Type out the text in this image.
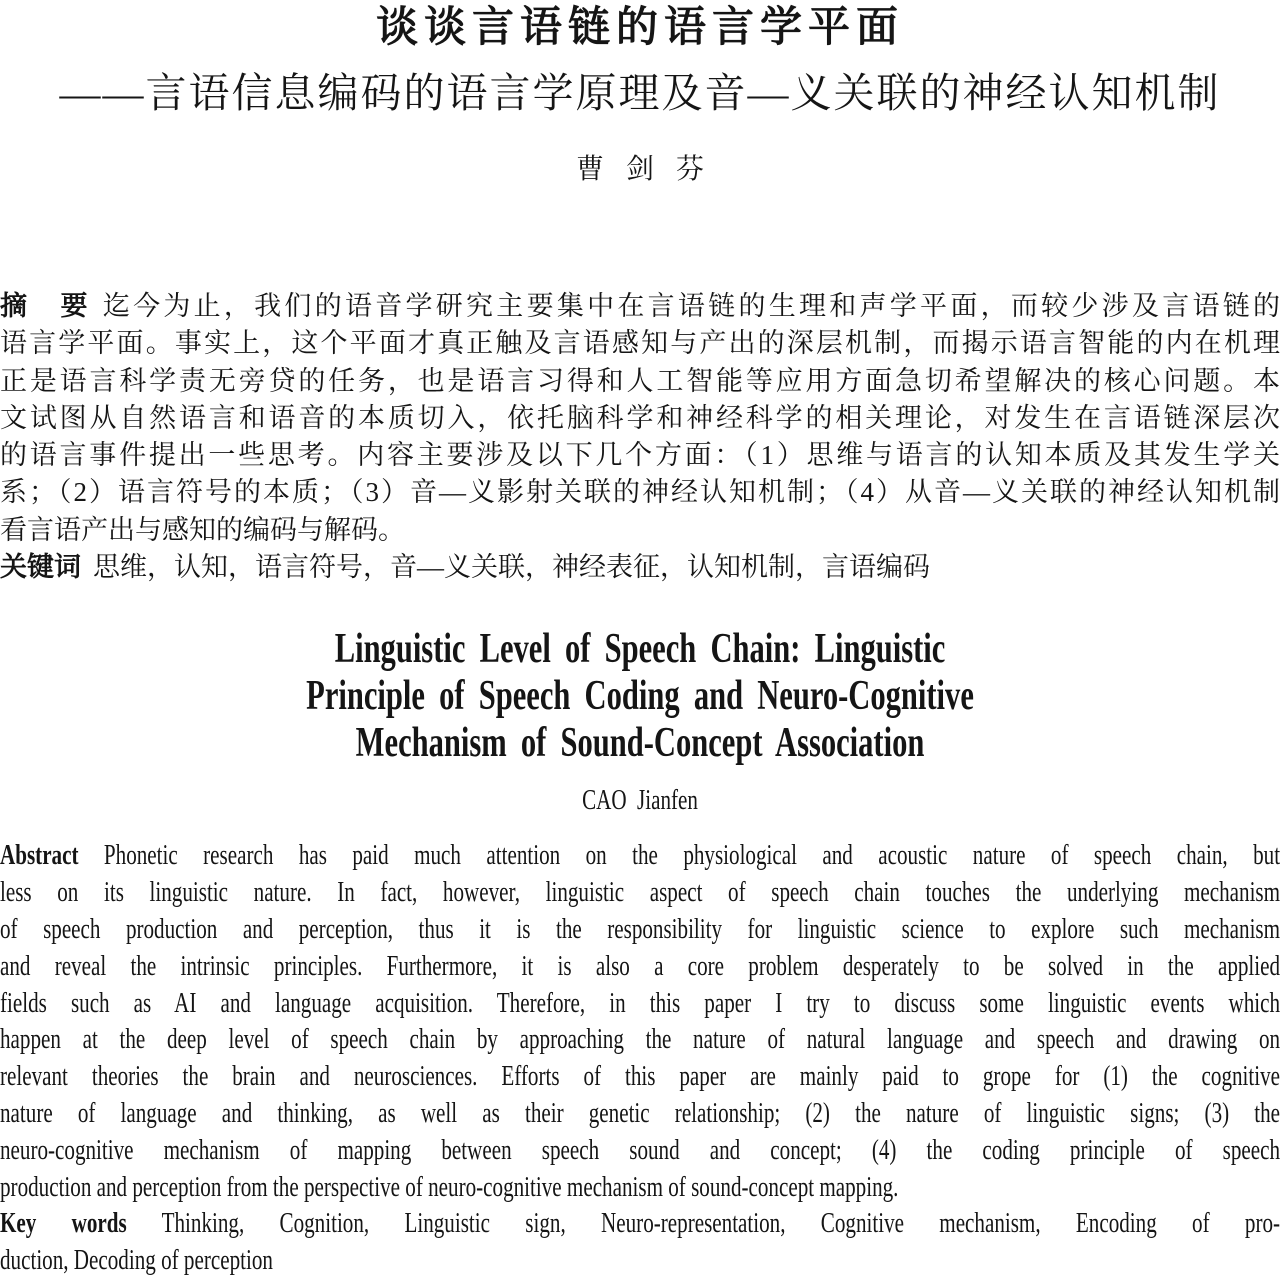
谈谈言语链的语言学平面
——言语信息编码的语言学原理及音—义关联的神经认知机制
曹剑芬
摘　要 迄今为止，我们的语音学研究主要集中在言语链的生理和声学平面，而较少涉及言语链的
语言学平面。事实上，这个平面才真正触及言语感知与产出的深层机制，而揭示语言智能的内在机理
正是语言科学责无旁贷的任务，也是语言习得和人工智能等应用方面急切希望解决的核心问题。本
文试图从自然语言和语音的本质切入，依托脑科学和神经科学的相关理论，对发生在言语链深层次
的语言事件提出一些思考。内容主要涉及以下几个方面：（1）思维与语言的认知本质及其发生学关
系；（2）语言符号的本质；（3）音—义影射关联的神经认知机制；（4）从音—义关联的神经认知机制
看言语产出与感知的编码与解码。
关键词 思维，认知，语言符号，音—义关联，神经表征，认知机制，言语编码
Linguistic Level of Speech Chain: Linguistic
Principle of Speech Coding and Neuro-Cognitive
Mechanism of Sound-Concept Association
CAO Jianfen
Abstract Phonetic research has paid much attention on the physiological and acoustic nature of speech chain, but
less on its linguistic nature. In fact, however, linguistic aspect of speech chain touches the underlying mechanism
of speech production and perception, thus it is the responsibility for linguistic science to explore such mechanism
and reveal the intrinsic principles. Furthermore, it is also a core problem desperately to be solved in the applied
fields such as AI and language acquisition. Therefore, in this paper I try to discuss some linguistic events which
happen at the deep level of speech chain by approaching the nature of natural language and speech and drawing on
relevant theories the brain and neurosciences. Efforts of this paper are mainly paid to grope for (1) the cognitive
nature of language and thinking, as well as their genetic relationship; (2) the nature of linguistic signs; (3) the
neuro-cognitive mechanism of mapping between speech sound and concept; (4) the coding principle of speech
production and perception from the perspective of neuro-cognitive mechanism of sound-concept mapping.
Key words Thinking, Cognition, Linguistic sign, Neuro-representation, Cognitive mechanism, Encoding of pro-
duction, Decoding of perception
